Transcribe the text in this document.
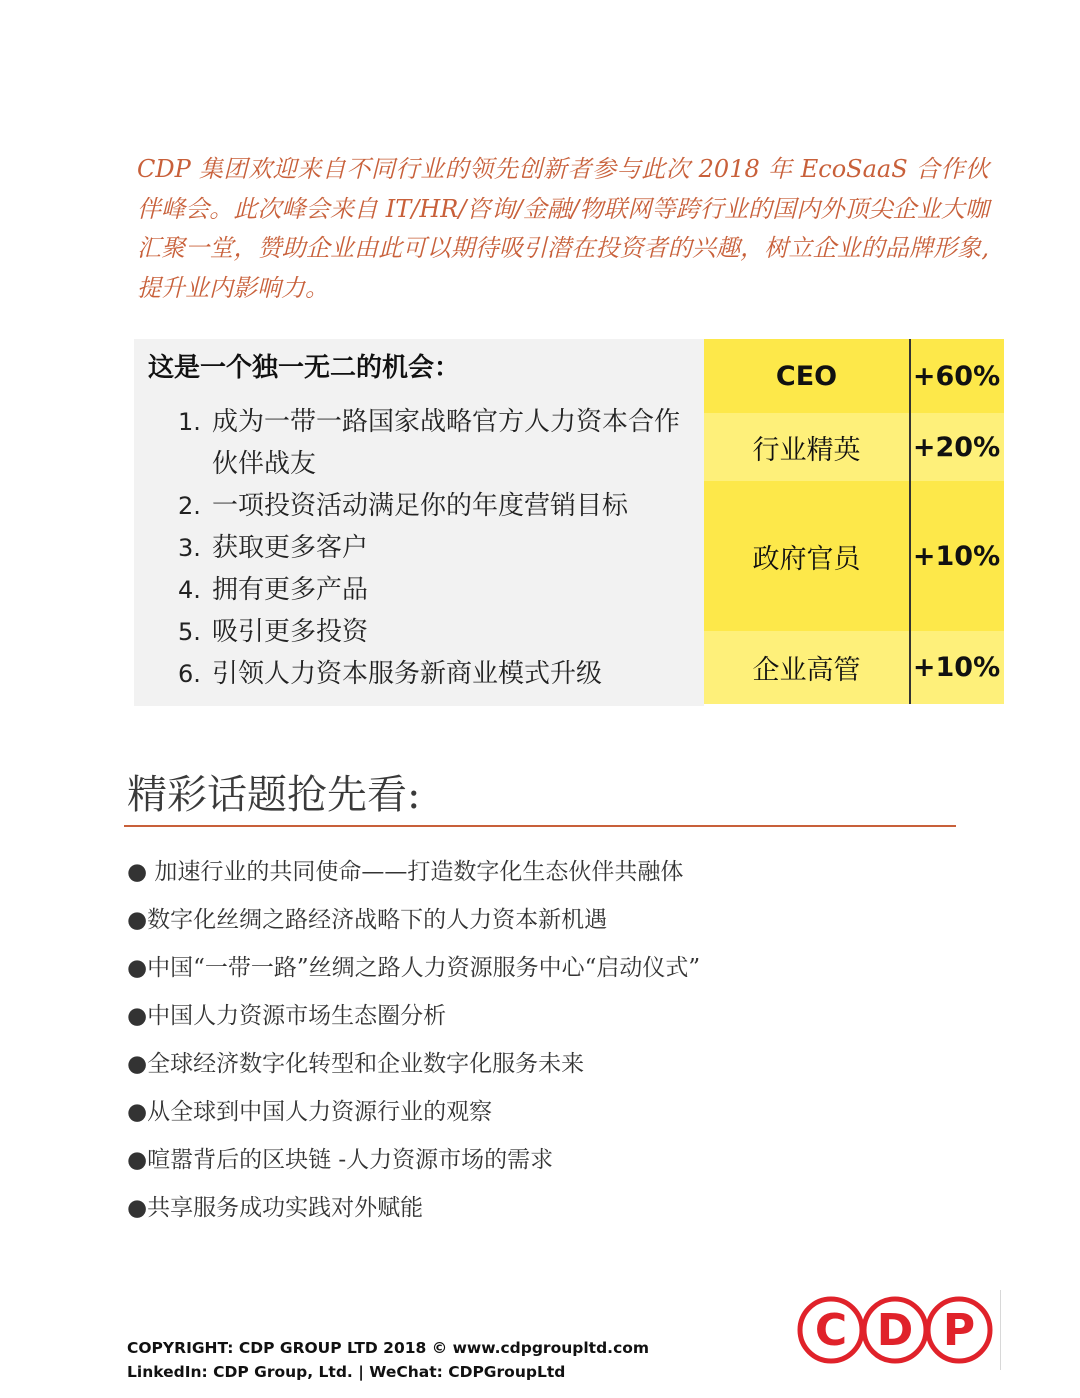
CDP 集团欢迎来自不同行业的领先创新者参与此次 2018 年 EcoSaaS 合作伙伴峰会。此次峰会来自 IT/HR/咨询/金融/物联网等跨行业的国内外顶尖企业大咖汇聚一堂，赞助企业由此可以期待吸引潜在投资者的兴趣，树立企业的品牌形象,提升业内影响力。
这是一个独一无二的机会：
1. 成为一带一路国家战略官方人力资本合作伙伴战友
2. 一项投资活动满足你的年度营销目标
3. 获取更多客户
4. 拥有更多产品
5. 吸引更多投资
6. 引领人力资本服务新商业模式升级
CEO	+60%
行业精英	+20%
政府官员	+10%
企业高管	+10%
精彩话题抢先看:
● 加速行业的共同使命——打造数字化生态伙伴共融体
●数字化丝绸之路经济战略下的人力资本新机遇
●中国“一带一路”丝绸之路人力资源服务中心“启动仪式”
●中国人力资源市场生态圈分析
●全球经济数字化转型和企业数字化服务未来
●从全球到中国人力资源行业的观察
●喧嚣背后的区块链 -人力资源市场的需求
●共享服务成功实践对外赋能
COPYRIGHT: CDP GROUP LTD 2018 © www.cdpgroupltd.com
LinkedIn: CDP Group, Ltd. | WeChat: CDPGroupLtd
C D P
